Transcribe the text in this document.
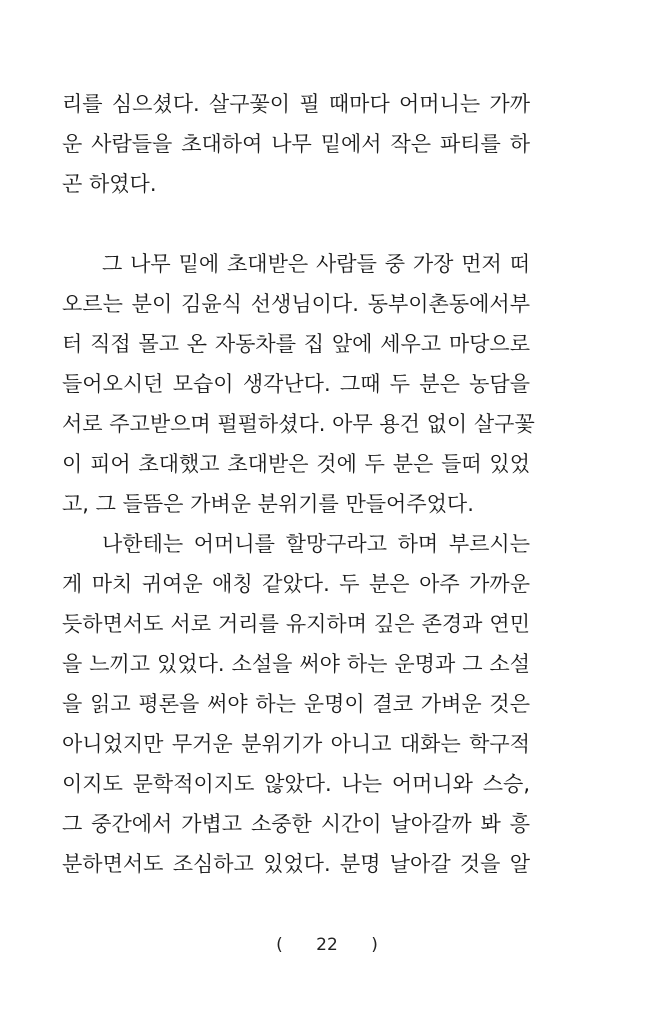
리를 심으셨다. 살구꽃이 필 때마다 어머니는 가까
운 사람들을 초대하여 나무 밑에서 작은 파티를 하
곤 하였다.
그 나무 밑에 초대받은 사람들 중 가장 먼저 떠
오르는 분이 김윤식 선생님이다. 동부이촌동에서부
터 직접 몰고 온 자동차를 집 앞에 세우고 마당으로
들어오시던 모습이 생각난다. 그때 두 분은 농담을
서로 주고받으며 펄펄하셨다. 아무 용건 없이 살구꽃
이 피어 초대했고 초대받은 것에 두 분은 들떠 있었
고, 그 들뜸은 가벼운 분위기를 만들어주었다.
나한테는 어머니를 할망구라고 하며 부르시는
게 마치 귀여운 애칭 같았다. 두 분은 아주 가까운
듯하면서도 서로 거리를 유지하며 깊은 존경과 연민
을 느끼고 있었다. 소설을 써야 하는 운명과 그 소설
을 읽고 평론을 써야 하는 운명이 결코 가벼운 것은
아니었지만 무거운 분위기가 아니고 대화는 학구적
이지도 문학적이지도 않았다. 나는 어머니와 스승,
그 중간에서 가볍고 소중한 시간이 날아갈까 봐 흥
분하면서도 조심하고 있었다. 분명 날아갈 것을 알
( 22 )
